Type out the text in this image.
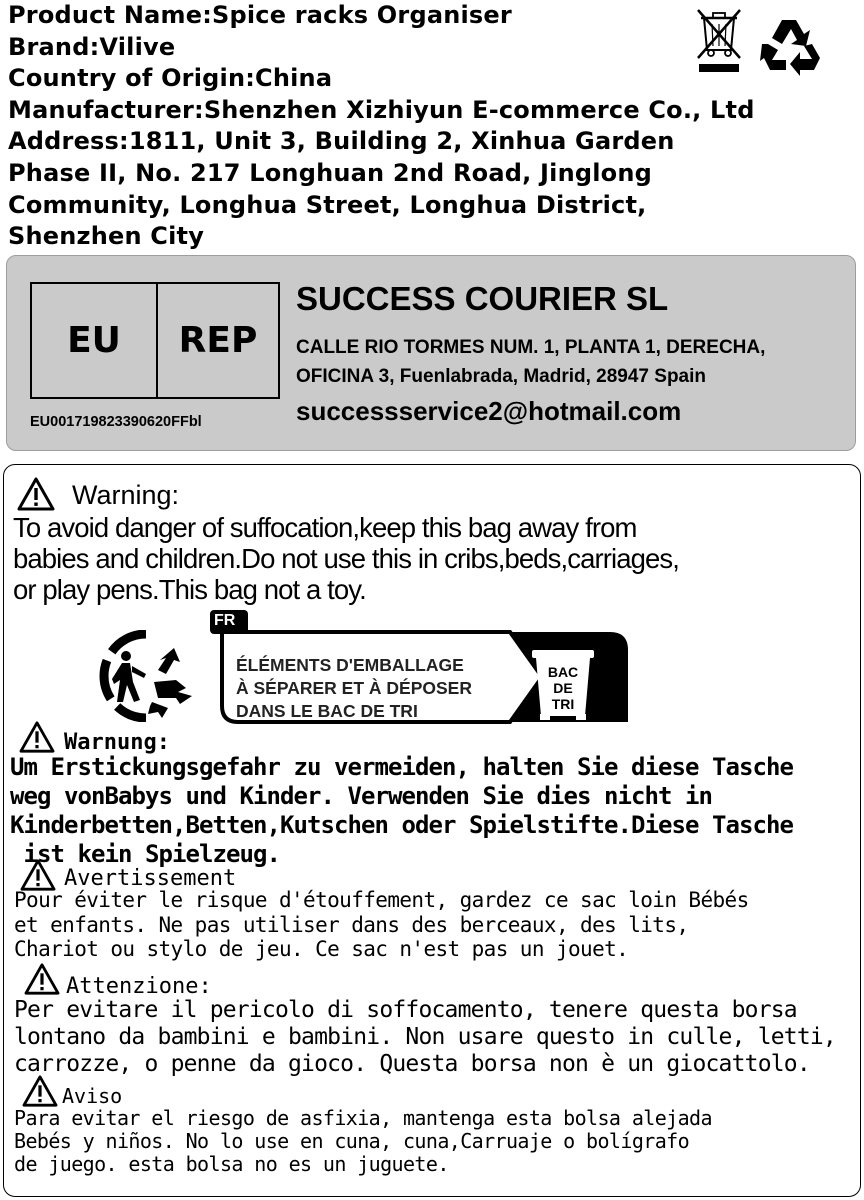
Product Name:Spice racks Organiser
Brand:Vilive
Country of Origin:China
Manufacturer:Shenzhen Xizhiyun E-commerce Co., Ltd
Address:1811, Unit 3, Building 2, Xinhua Garden
Phase II, No. 217 Longhuan 2nd Road, Jinglong
Community, Longhua Street, Longhua District,
Shenzhen City
EU	REP
EU001719823390620FFbl
SUCCESS COURIER SL
CALLE RIO TORMES NUM. 1, PLANTA 1, DERECHA,
OFICINA 3, Fuenlabrada, Madrid, 28947 Spain
successservice2@hotmail.com
Warning:
To avoid danger of suffocation,keep this bag away from
babies and children.Do not use this in cribs,beds,carriages,
or play pens.This bag not a toy.
FR
ÉLÉMENTS D'EMBALLAGE
À SÉPARER ET À DÉPOSER
DANS LE BAC DE TRI
BAC
DE
TRI
Warnung:
Um Erstickungsgefahr zu vermeiden, halten Sie diese Tasche
weg vonBabys und Kinder. Verwenden Sie dies nicht in
Kinderbetten,Betten,Kutschen oder Spielstifte.Diese Tasche
ist kein Spielzeug.
Avertissement
Pour éviter le risque d'étouffement, gardez ce sac loin Bébés
et enfants. Ne pas utiliser dans des berceaux, des lits,
Chariot ou stylo de jeu. Ce sac n'est pas un jouet.
Attenzione:
Per evitare il pericolo di soffocamento, tenere questa borsa
lontano da bambini e bambini. Non usare questo in culle, letti,
carrozze, o penne da gioco. Questa borsa non è un giocattolo.
Aviso
Para evitar el riesgo de asfixia, mantenga esta bolsa alejada
Bebés y niños. No lo use en cuna, cuna,Carruaje o bolígrafo
de juego. esta bolsa no es un juguete.
